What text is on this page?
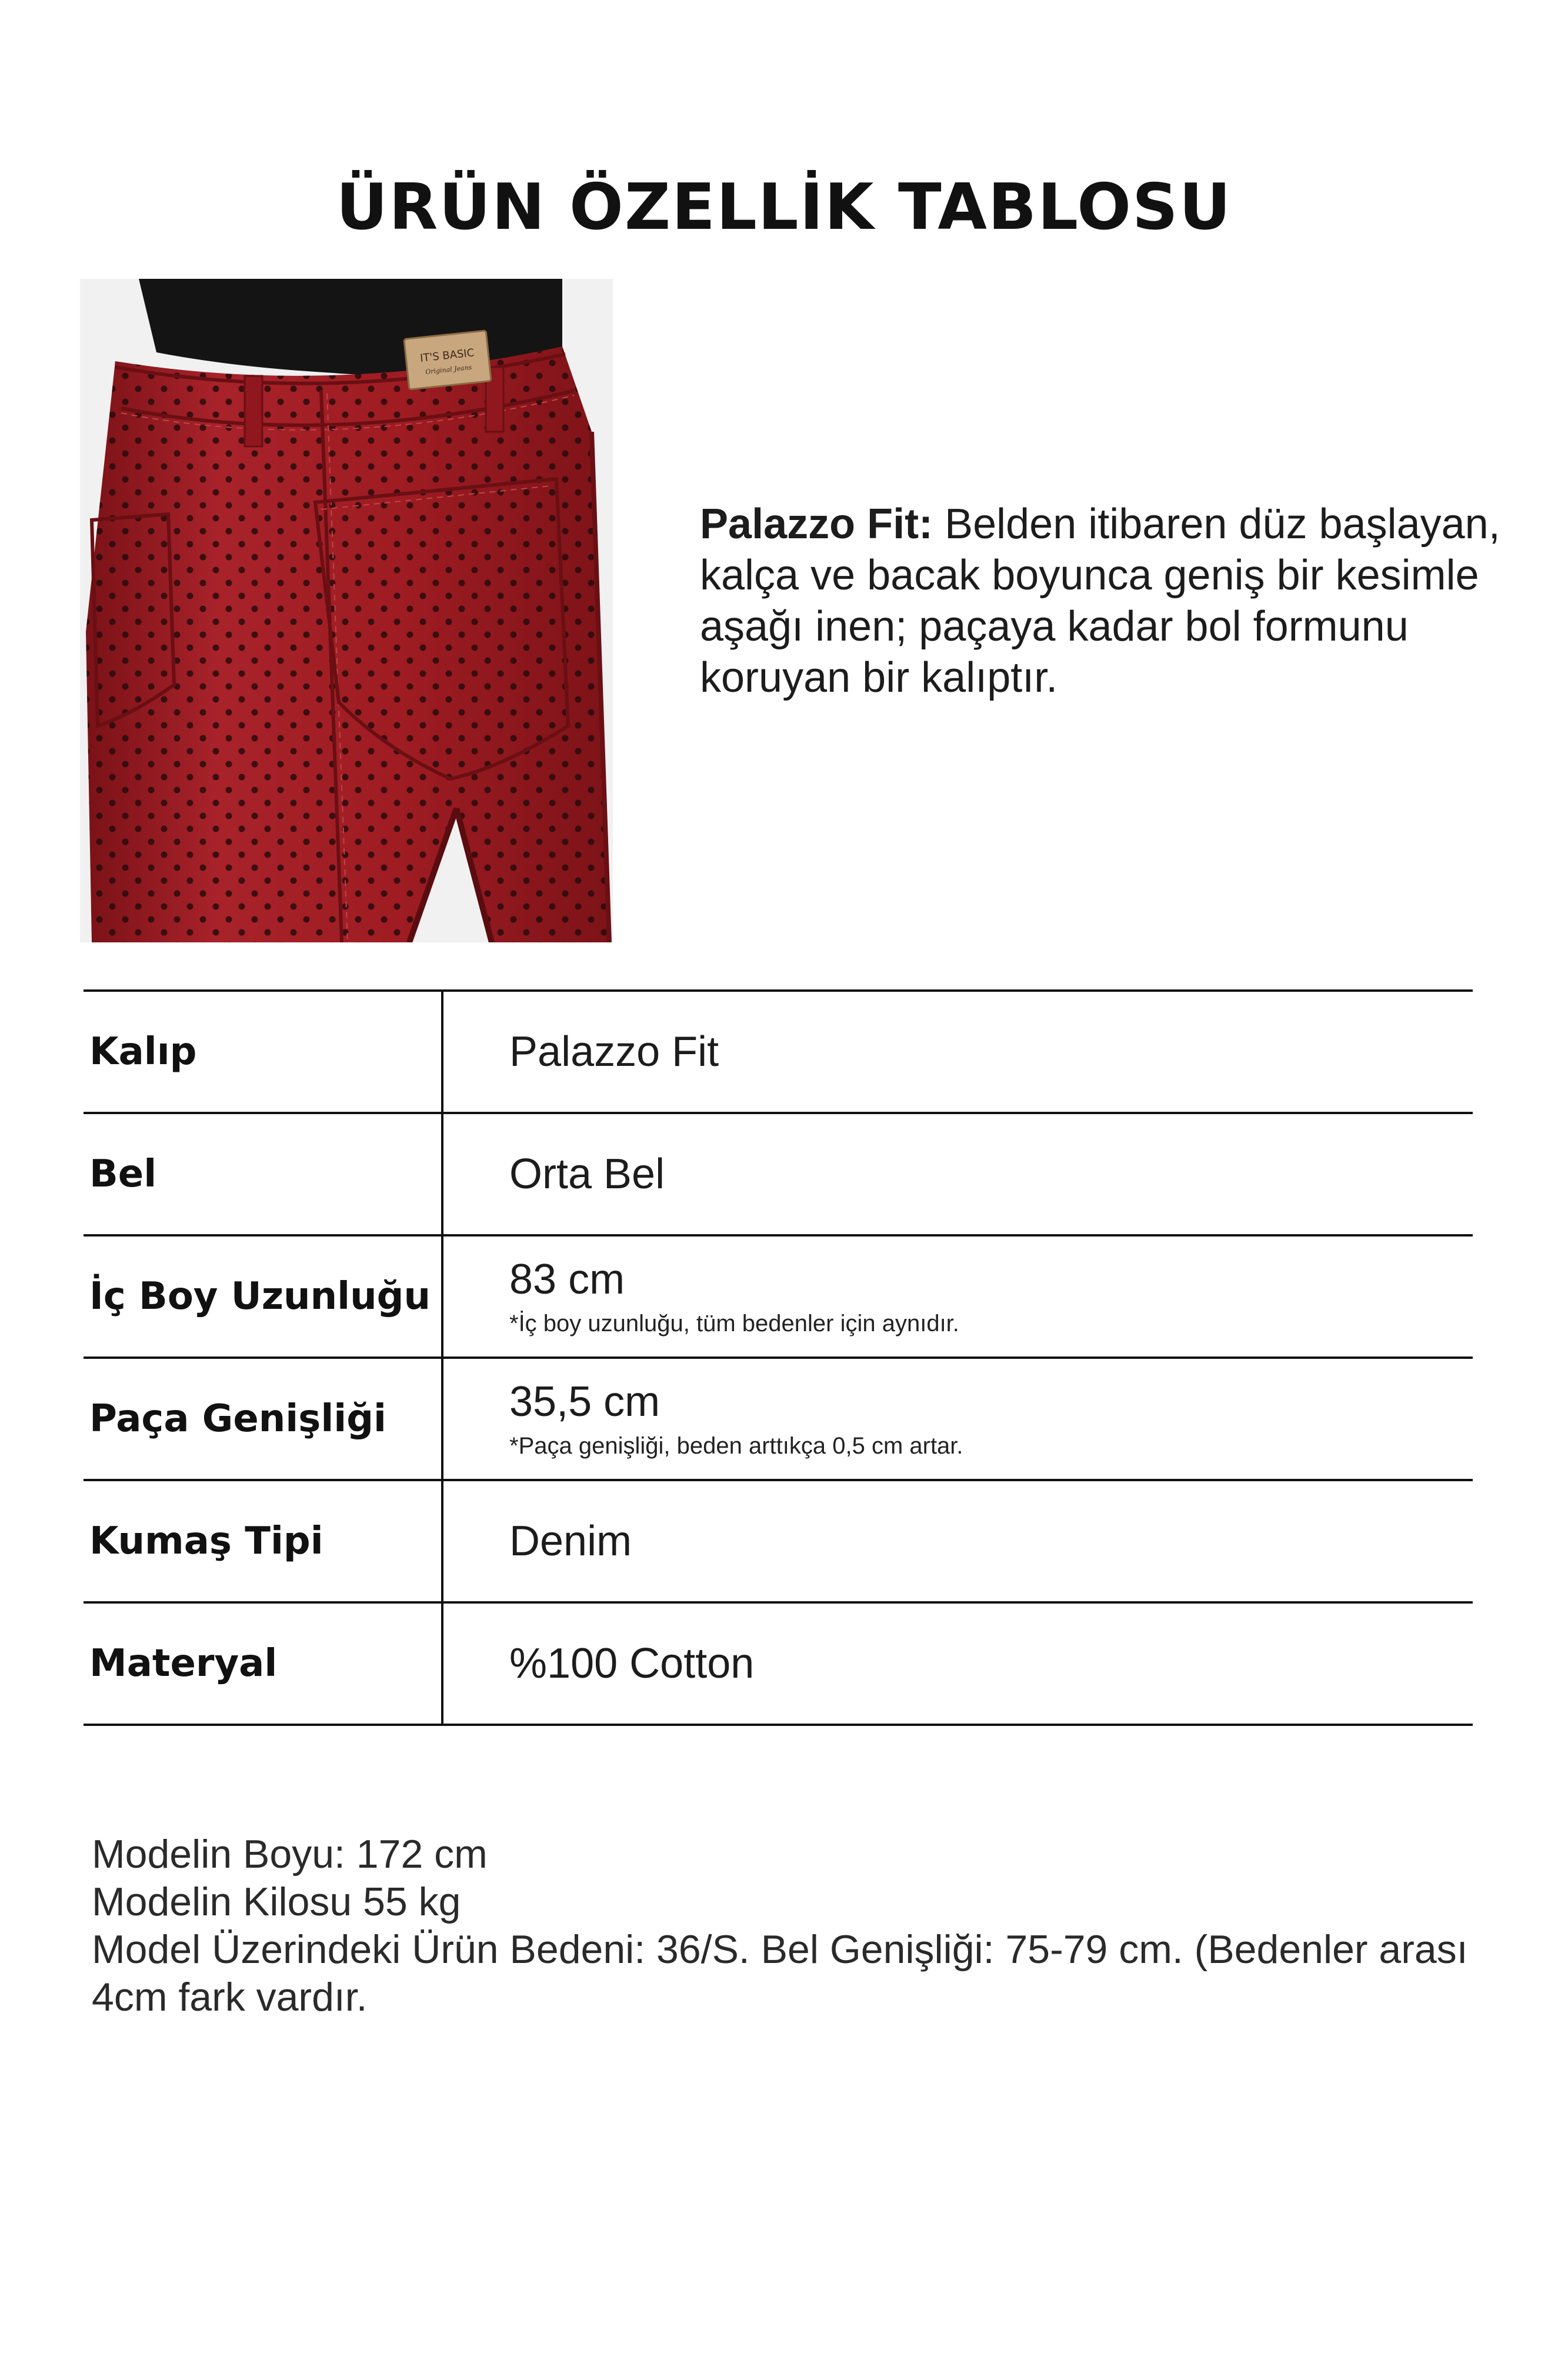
ÜRÜN ÖZELLİK TABLOSU
IT'S BASIC
Original Jeans
Palazzo Fit: Belden itibaren düz başlayan, kalça ve bacak boyunca geniş bir kesimle aşağı inen; paçaya kadar bol formunu koruyan bir kalıptır.
Kalıp	Palazzo Fit
Bel	Orta Bel
İç Boy Uzunluğu	83 cm
*İç boy uzunluğu, tüm bedenler için aynıdır.

Paça Genişliği	35,5 cm
*Paça genişliği, beden arttıkça 0,5 cm artar.

Kumaş Tipi	Denim
Materyal	%100 Cotton
Modelin Boyu: 172 cm
Modelin Kilosu 55 kg
Model Üzerindeki Ürün Bedeni: 36/S. Bel Genişliği: 75-79 cm. (Bedenler arası 4cm fark vardır.
